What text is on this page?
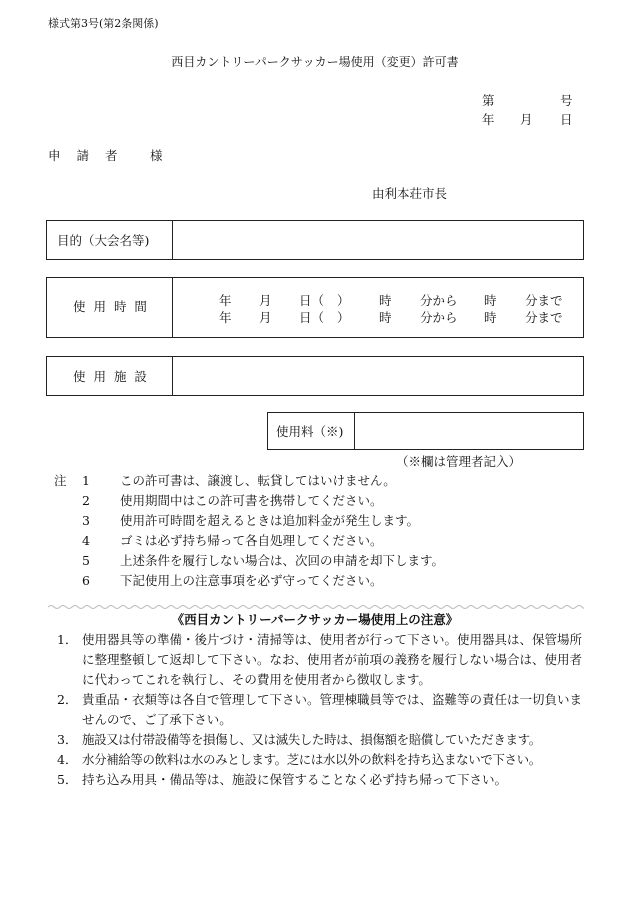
様式第3号(第2条関係)
西目カントリーパークサッカー場使用（変更）許可書
第	号
年 月 日
申 請 者 様
由利本荘市長
目的（大会名等)
使 用 時 間	年 月 日（ ） 時 分から 時 分まで
年 月 日（ ） 時 分から 時 分まで
使 用 施 設
使用料（※)
（※欄は管理者記入）
注 1 この許可書は、譲渡し、転貸してはいけません。
2 使用期間中はこの許可書を携帯してください。
3 使用許可時間を超えるときは追加料金が発生します。
4 ゴミは必ず持ち帰って各自処理してください。
5 上述条件を履行しない場合は、次回の申請を却下します。
6 下記使用上の注意事項を必ず守ってください。
《西目カントリーパークサッカー場使用上の注意》
1． 使用器具等の準備・後片づけ・清掃等は、使用者が行って下さい。使用器具は、保管場所に整理整頓して返却して下さい。なお、使用者が前項の義務を履行しない場合は、使用者に代わってこれを執行し、その費用を使用者から徴収します。
2． 貴重品・衣類等は各自で管理して下さい。管理棟職員等では、盗難等の責任は一切負いませんので、ご了承下さい。
3． 施設又は付帯設備等を損傷し、又は滅失した時は、損傷額を賠償していただきます。
4． 水分補給等の飲料は水のみとします。芝には水以外の飲料を持ち込まないで下さい。
5． 持ち込み用具・備品等は、施設に保管することなく必ず持ち帰って下さい。
